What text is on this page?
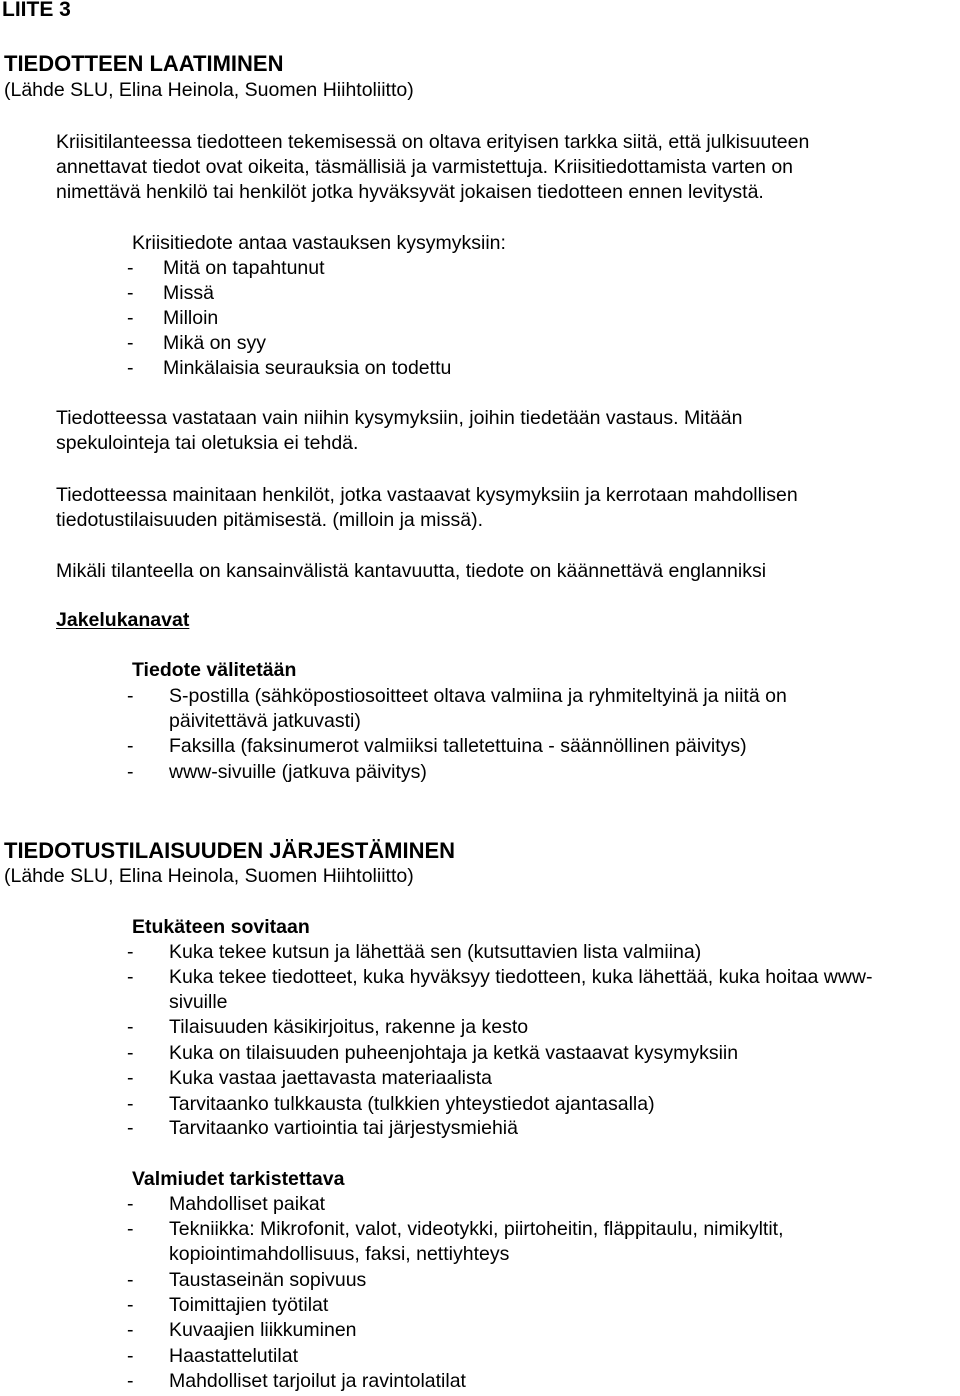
LIITE 3
TIEDOTTEEN LAATIMINEN
(Lähde SLU, Elina Heinola, Suomen Hiihtoliitto)
Kriisitilanteessa tiedotteen tekemisessä on oltava erityisen tarkka siitä, että julkisuuteen
annettavat tiedot ovat oikeita, täsmällisiä ja varmistettuja. Kriisitiedottamista varten on
nimettävä henkilö tai henkilöt jotka hyväksyvät jokaisen tiedotteen ennen levitystä.
Kriisitiedote antaa vastauksen kysymyksiin:
- Mitä on tapahtunut
- Missä
- Milloin
- Mikä on syy
- Minkälaisia seurauksia on todettu
Tiedotteessa vastataan vain niihin kysymyksiin, joihin tiedetään vastaus. Mitään
spekulointeja tai oletuksia ei tehdä.
Tiedotteessa mainitaan henkilöt, jotka vastaavat kysymyksiin ja kerrotaan mahdollisen
tiedotustilaisuuden pitämisestä. (milloin ja missä).
Mikäli tilanteella on kansainvälistä kantavuutta, tiedote on käännettävä englanniksi
Jakelukanavat
Tiedote välitetään
- S-postilla (sähköpostiosoitteet oltava valmiina ja ryhmiteltyinä ja niitä on
päivitettävä jatkuvasti)
- Faksilla (faksinumerot valmiiksi talletettuina - säännöllinen päivitys)
- www-sivuille (jatkuva päivitys)
TIEDOTUSTILAISUUDEN JÄRJESTÄMINEN
(Lähde SLU, Elina Heinola, Suomen Hiihtoliitto)
Etukäteen sovitaan
- Kuka tekee kutsun ja lähettää sen (kutsuttavien lista valmiina)
- Kuka tekee tiedotteet, kuka hyväksyy tiedotteen, kuka lähettää, kuka hoitaa www-
sivuille
- Tilaisuuden käsikirjoitus, rakenne ja kesto
- Kuka on tilaisuuden puheenjohtaja ja ketkä vastaavat kysymyksiin
- Kuka vastaa jaettavasta materiaalista
- Tarvitaanko tulkkausta (tulkkien yhteystiedot ajantasalla)
- Tarvitaanko vartiointia tai järjestysmiehiä
Valmiudet tarkistettava
- Mahdolliset paikat
- Tekniikka: Mikrofonit, valot, videotykki, piirtoheitin, fläppitaulu, nimikyltit,
kopiointimahdollisuus, faksi, nettiyhteys
- Taustaseinän sopivuus
- Toimittajien työtilat
- Kuvaajien liikkuminen
- Haastattelutilat
- Mahdolliset tarjoilut ja ravintolatilat
